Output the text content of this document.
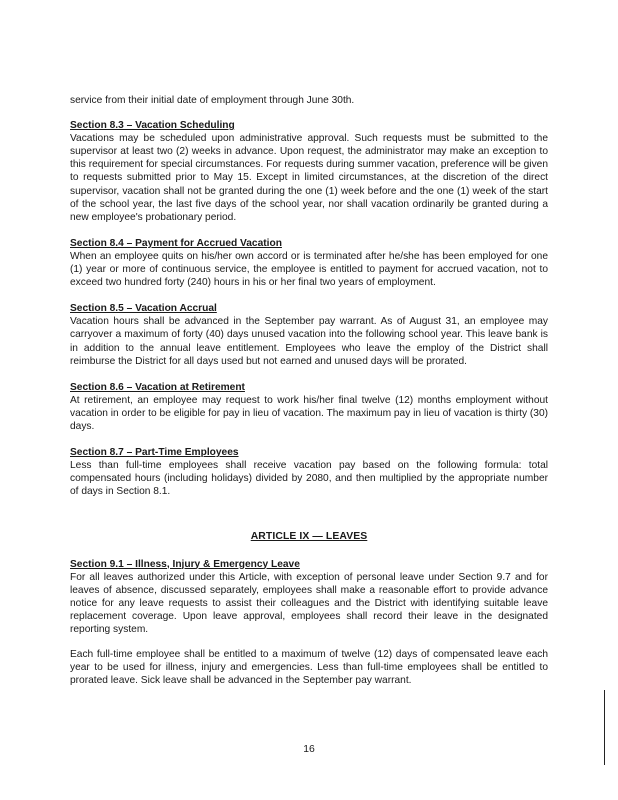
service from their initial date of employment through June 30th.

Section 8.3 – Vacation Scheduling

Vacations may be scheduled upon administrative approval. Such requests must be submitted to the supervisor at least two (2) weeks in advance. Upon request, the administrator may make an exception to this requirement for special circumstances. For requests during summer vacation, preference will be given to requests submitted prior to May 15. Except in limited circumstances, at the discretion of the direct supervisor, vacation shall not be granted during the one (1) week before and the one (1) week of the start of the school year, the last five days of the school year, nor shall vacation ordinarily be granted during a new employee's probationary period.

Section 8.4 – Payment for Accrued Vacation

When an employee quits on his/her own accord or is terminated after he/she has been employed for one (1) year or more of continuous service, the employee is entitled to payment for accrued vacation, not to exceed two hundred forty (240) hours in his or her final two years of employment.

Section 8.5 – Vacation Accrual

Vacation hours shall be advanced in the September pay warrant. As of August 31, an employee may carryover a maximum of forty (40) days unused vacation into the following school year. This leave bank is in addition to the annual leave entitlement. Employees who leave the employ of the District shall reimburse the District for all days used but not earned and unused days will be prorated.

Section 8.6 – Vacation at Retirement

At retirement, an employee may request to work his/her final twelve (12) months employment without vacation in order to be eligible for pay in lieu of vacation. The maximum pay in lieu of vacation is thirty (30) days.

Section 8.7 – Part-Time Employees

Less than full-time employees shall receive vacation pay based on the following formula: total compensated hours (including holidays) divided by 2080, and then multiplied by the appropriate number of days in Section 8.1.

ARTICLE IX — LEAVES

Section 9.1 – Illness, Injury & Emergency Leave

For all leaves authorized under this Article, with exception of personal leave under Section 9.7 and for leaves of absence, discussed separately, employees shall make a reasonable effort to provide advance notice for any leave requests to assist their colleagues and the District with identifying suitable leave replacement coverage. Upon leave approval, employees shall record their leave in the designated reporting system.

Each full-time employee shall be entitled to a maximum of twelve (12) days of compensated leave each year to be used for illness, injury and emergencies. Less than full-time employees shall be entitled to prorated leave. Sick leave shall be advanced in the September pay warrant.

16
